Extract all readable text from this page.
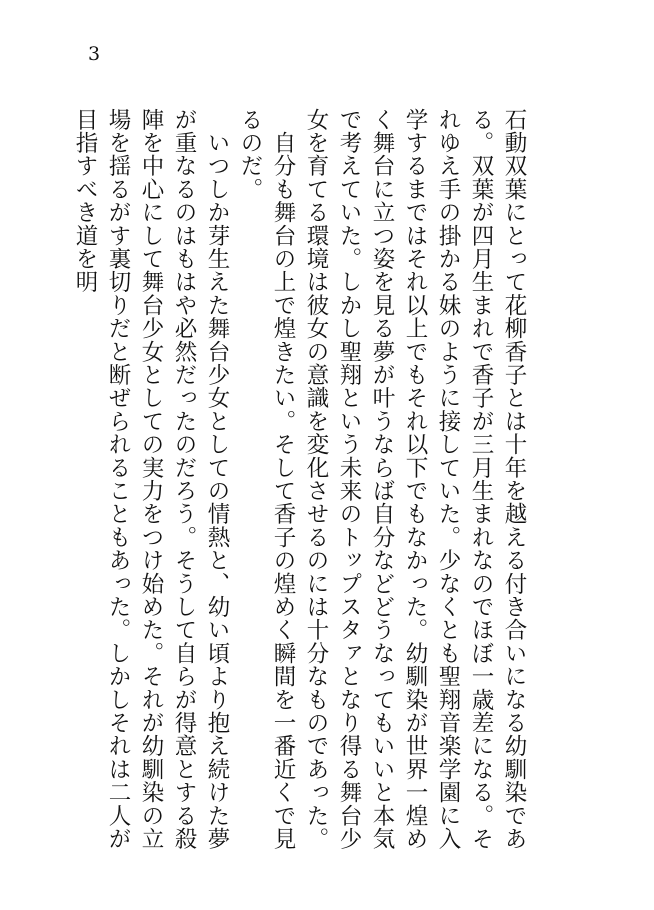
3

石動双葉にとって花柳香子とは十年を越える付き合いになる幼馴染である。双葉が四月生まれで香子が三月生まれなのでほぼ一歳差になる。それゆえ手の掛かる妹のように接していた。少なくとも聖翔音楽学園に入学するまではそれ以上でもそれ以下でもなかった。幼馴染が世界一煌めく舞台に立つ姿を見る夢が叶うならば自分などどうなってもいいと本気で考えていた。しかし聖翔という未来のトップスタァとなり得る舞台少女を育てる環境は彼女の意識を変化させるのには十分なものであった。

　自分も舞台の上で煌きたい。そして香子の煌めく瞬間を一番近くで見るのだ。

　いつしか芽生えた舞台少女としての情熱と、幼い頃より抱え続けた夢が重なるのはもはや必然だったのだろう。そうして自らが得意とする殺陣を中心にして舞台少女としての実力をつけ始めた。それが幼馴染の立場を揺るがす裏切りだと断ぜられることもあった。しかしそれは二人が目指すべき道を明
